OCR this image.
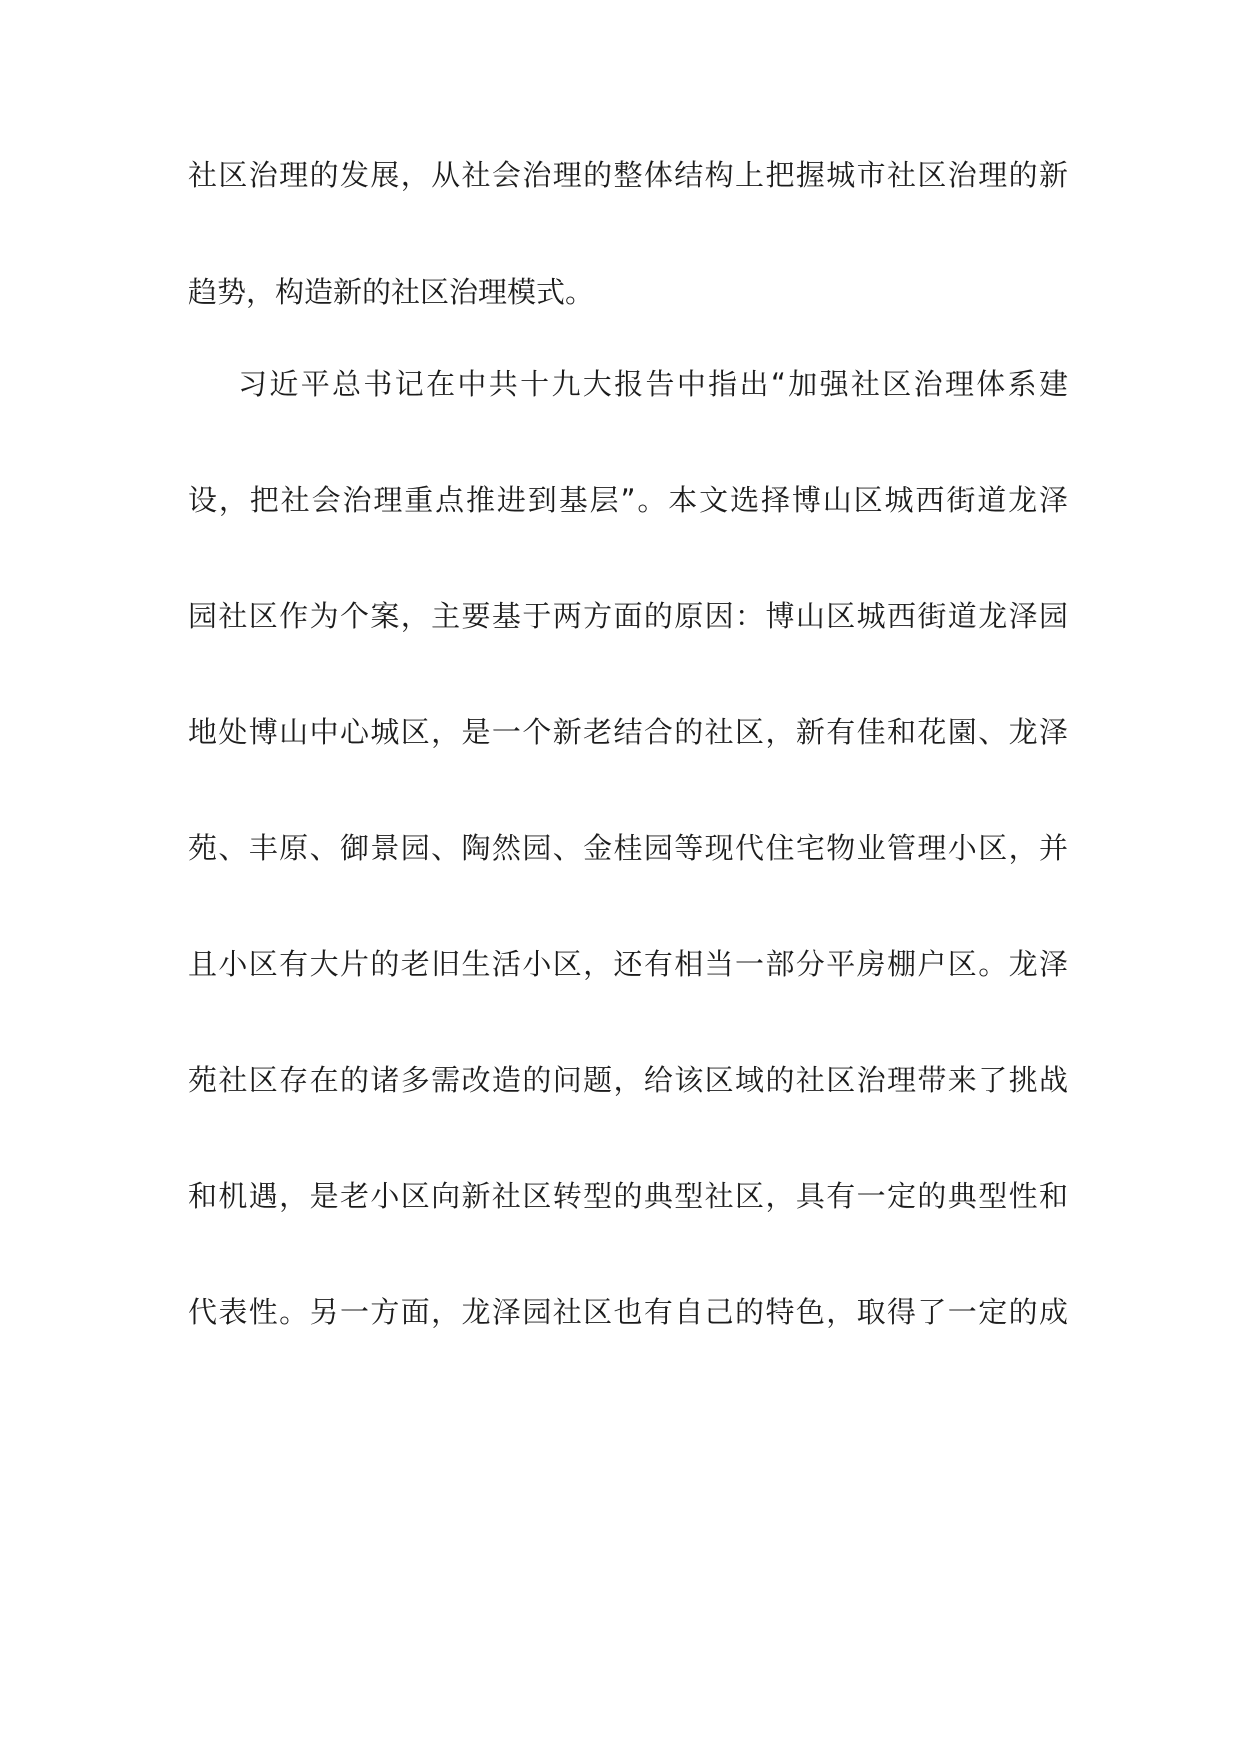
社区治理的发展，从社会治理的整体结构上把握城市社区治理的新
趋势，构造新的社区治理模式。
习近平总书记在中共十九大报告中指出“加强社区治理体系建
设，把社会治理重点推进到基层”。本文选择博山区城西街道龙泽
园社区作为个案，主要基于两方面的原因：博山区城西街道龙泽园
地处博山中心城区，是一个新老结合的社区，新有佳和花園、龙泽
苑、丰原、御景园、陶然园、金桂园等现代住宅物业管理小区，并
且小区有大片的老旧生活小区，还有相当一部分平房棚户区。龙泽
苑社区存在的诸多需改造的问题，给该区域的社区治理带来了挑战
和机遇，是老小区向新社区转型的典型社区，具有一定的典型性和
代表性。另一方面，龙泽园社区也有自己的特色，取得了一定的成
